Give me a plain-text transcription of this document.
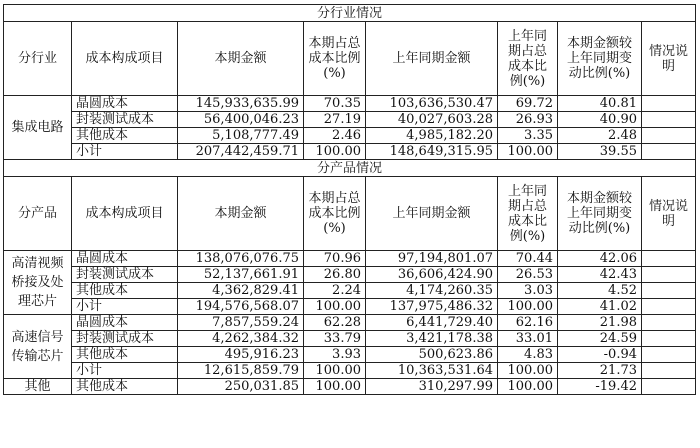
分行业情况							
分行业	成本构成项目	本期金额	本期占总成本比例(%)	上年同期金额	上年同期占总成本比例(%)	本期金额较上年同期变动比例(%)	情况说明
集成电路	晶圆成本	145,933,635.99	70.35	103,636,530.47	69.72	40.81	
	封装测试成本	56,400,046.23	27.19	40,027,603.28	26.93	40.90	
	其他成本	5,108,777.49	2.46	4,985,182.20	3.35	2.48	
	小计	207,442,459.71	100.00	148,649,315.95	100.00	39.55	
分产品情况							
分产品	成本构成项目	本期金额	本期占总成本比例(%)	上年同期金额	上年同期占总成本比例(%)	本期金额较上年同期变动比例(%)	情况说明
高清视频桥接及处理芯片	晶圆成本	138,076,076.75	70.96	97,194,801.07	70.44	42.06	
	封装测试成本	52,137,661.91	26.80	36,606,424.90	26.53	42.43	
	其他成本	4,362,829.41	2.24	4,174,260.35	3.03	4.52	
	小计	194,576,568.07	100.00	137,975,486.32	100.00	41.02	
高速信号传输芯片	晶圆成本	7,857,559.24	62.28	6,441,729.40	62.16	21.98	
	封装测试成本	4,262,384.32	33.79	3,421,178.38	33.01	24.59	
	其他成本	495,916.23	3.93	500,623.86	4.83	-0.94	
	小计	12,615,859.79	100.00	10,363,531.64	100.00	21.73	
其他	其他成本	250,031.85	100.00	310,297.99	100.00	-19.42	
